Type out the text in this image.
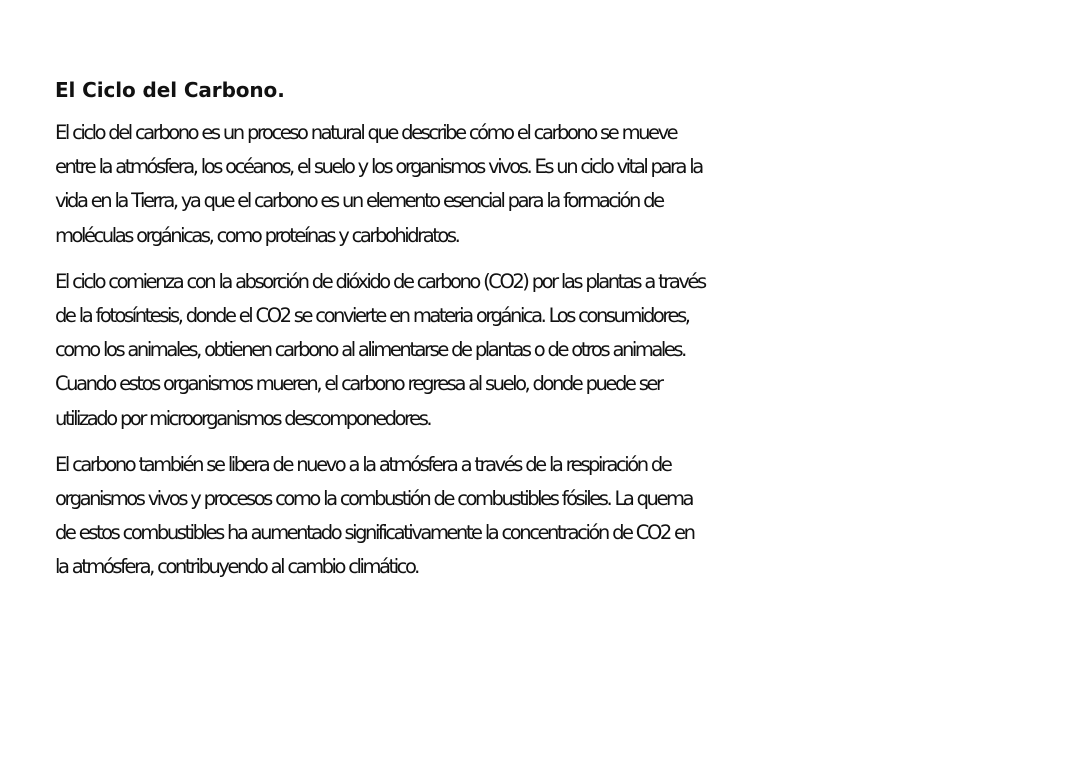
El Ciclo del Carbono.

El ciclo del carbono es un proceso natural que describe cómo el carbono se mueve
entre la atmósfera, los océanos, el suelo y los organismos vivos. Es un ciclo vital para la
vida en la Tierra, ya que el carbono es un elemento esencial para la formación de
moléculas orgánicas, como proteínas y carbohidratos.

El ciclo comienza con la absorción de dióxido de carbono (CO2) por las plantas a través
de la fotosíntesis, donde el CO2 se convierte en materia orgánica. Los consumidores,
como los animales, obtienen carbono al alimentarse de plantas o de otros animales.
Cuando estos organismos mueren, el carbono regresa al suelo, donde puede ser
utilizado por microorganismos descomponedores.

El carbono también se libera de nuevo a la atmósfera a través de la respiración de
organismos vivos y procesos como la combustión de combustibles fósiles. La quema
de estos combustibles ha aumentado significativamente la concentración de CO2 en
la atmósfera, contribuyendo al cambio climático.
